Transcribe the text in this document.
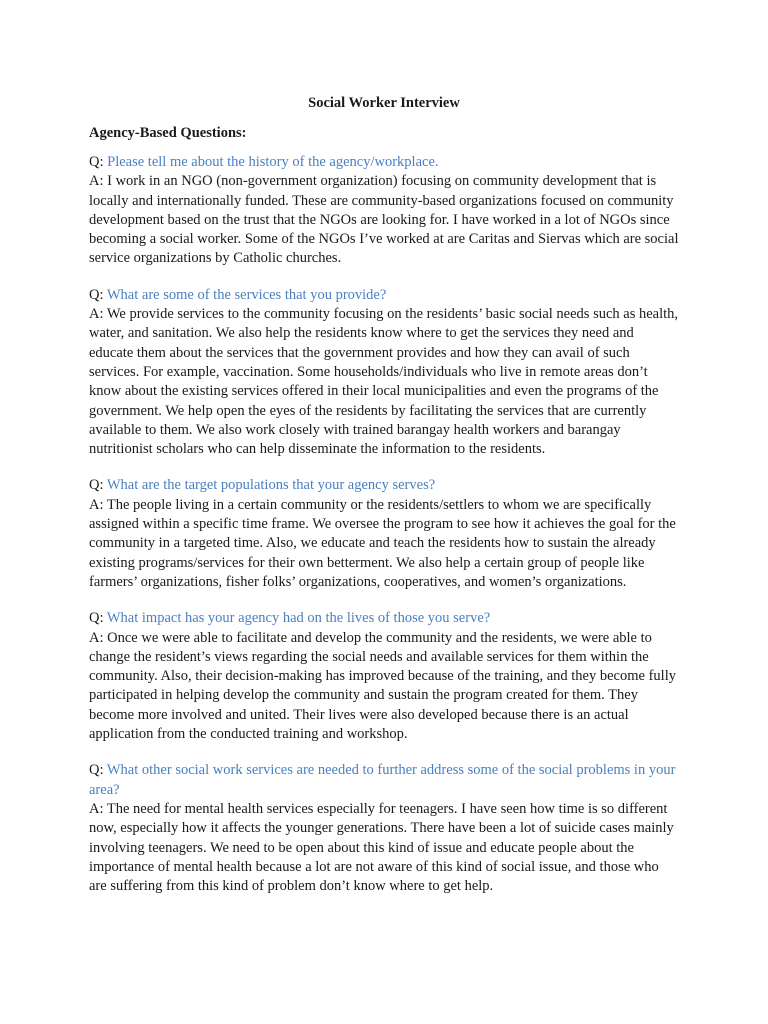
Social Worker Interview
Agency-Based Questions:
Q: Please tell me about the history of the agency/workplace.
A: I work in an NGO (non-government organization) focusing on community development that is locally and internationally funded. These are community-based organizations focused on community development based on the trust that the NGOs are looking for. I have worked in a lot of NGOs since becoming a social worker. Some of the NGOs I’ve worked at are Caritas and Siervas which are social service organizations by Catholic churches.
Q: What are some of the services that you provide?
A: We provide services to the community focusing on the residents’ basic social needs such as health, water, and sanitation. We also help the residents know where to get the services they need and educate them about the services that the government provides and how they can avail of such services. For example, vaccination. Some households/individuals who live in remote areas don’t know about the existing services offered in their local municipalities and even the programs of the government. We help open the eyes of the residents by facilitating the services that are currently available to them. We also work closely with trained barangay health workers and barangay nutritionist scholars who can help disseminate the information to the residents.
Q: What are the target populations that your agency serves?
A: The people living in a certain community or the residents/settlers to whom we are specifically assigned within a specific time frame. We oversee the program to see how it achieves the goal for the community in a targeted time. Also, we educate and teach the residents how to sustain the already existing programs/services for their own betterment. We also help a certain group of people like farmers’ organizations, fisher folks’ organizations, cooperatives, and women’s organizations.
Q: What impact has your agency had on the lives of those you serve?
A: Once we were able to facilitate and develop the community and the residents, we were able to change the resident’s views regarding the social needs and available services for them within the community. Also, their decision-making has improved because of the training, and they become fully participated in helping develop the community and sustain the program created for them. They become more involved and united. Their lives were also developed because there is an actual application from the conducted training and workshop.
Q: What other social work services are needed to further address some of the social problems in your area?
A: The need for mental health services especially for teenagers. I have seen how time is so different now, especially how it affects the younger generations. There have been a lot of suicide cases mainly involving teenagers. We need to be open about this kind of issue and educate people about the importance of mental health because a lot are not aware of this kind of social issue, and those who are suffering from this kind of problem don’t know where to get help.
